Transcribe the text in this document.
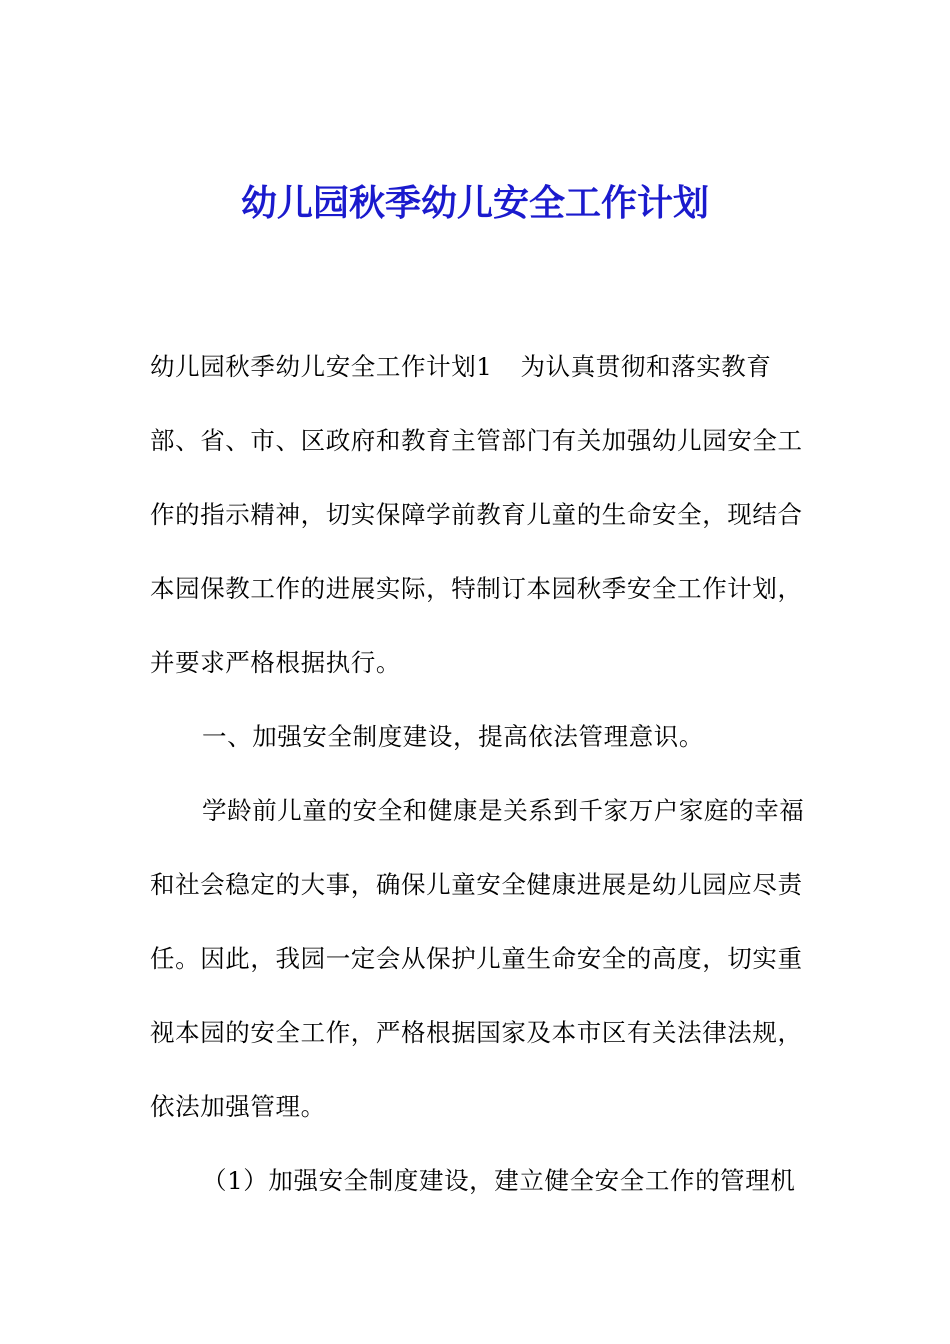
幼儿园秋季幼儿安全工作计划

幼儿园秋季幼儿安全工作计划1 为认真贯彻和落实教育部、省、市、区政府和教育主管部门有关加强幼儿园安全工作的指示精神，切实保障学前教育儿童的生命安全，现结合本园保教工作的进展实际，特制订本园秋季安全工作计划，并要求严格根据执行。

一、加强安全制度建设，提高依法管理意识。

学龄前儿童的安全和健康是关系到千家万户家庭的幸福和社会稳定的大事，确保儿童安全健康进展是幼儿园应尽责任。因此，我园一定会从保护儿童生命安全的高度，切实重视本园的安全工作，严格根据国家及本市区有关法律法规，依法加强管理。

（1）加强安全制度建设，建立健全安全工作的管理机
